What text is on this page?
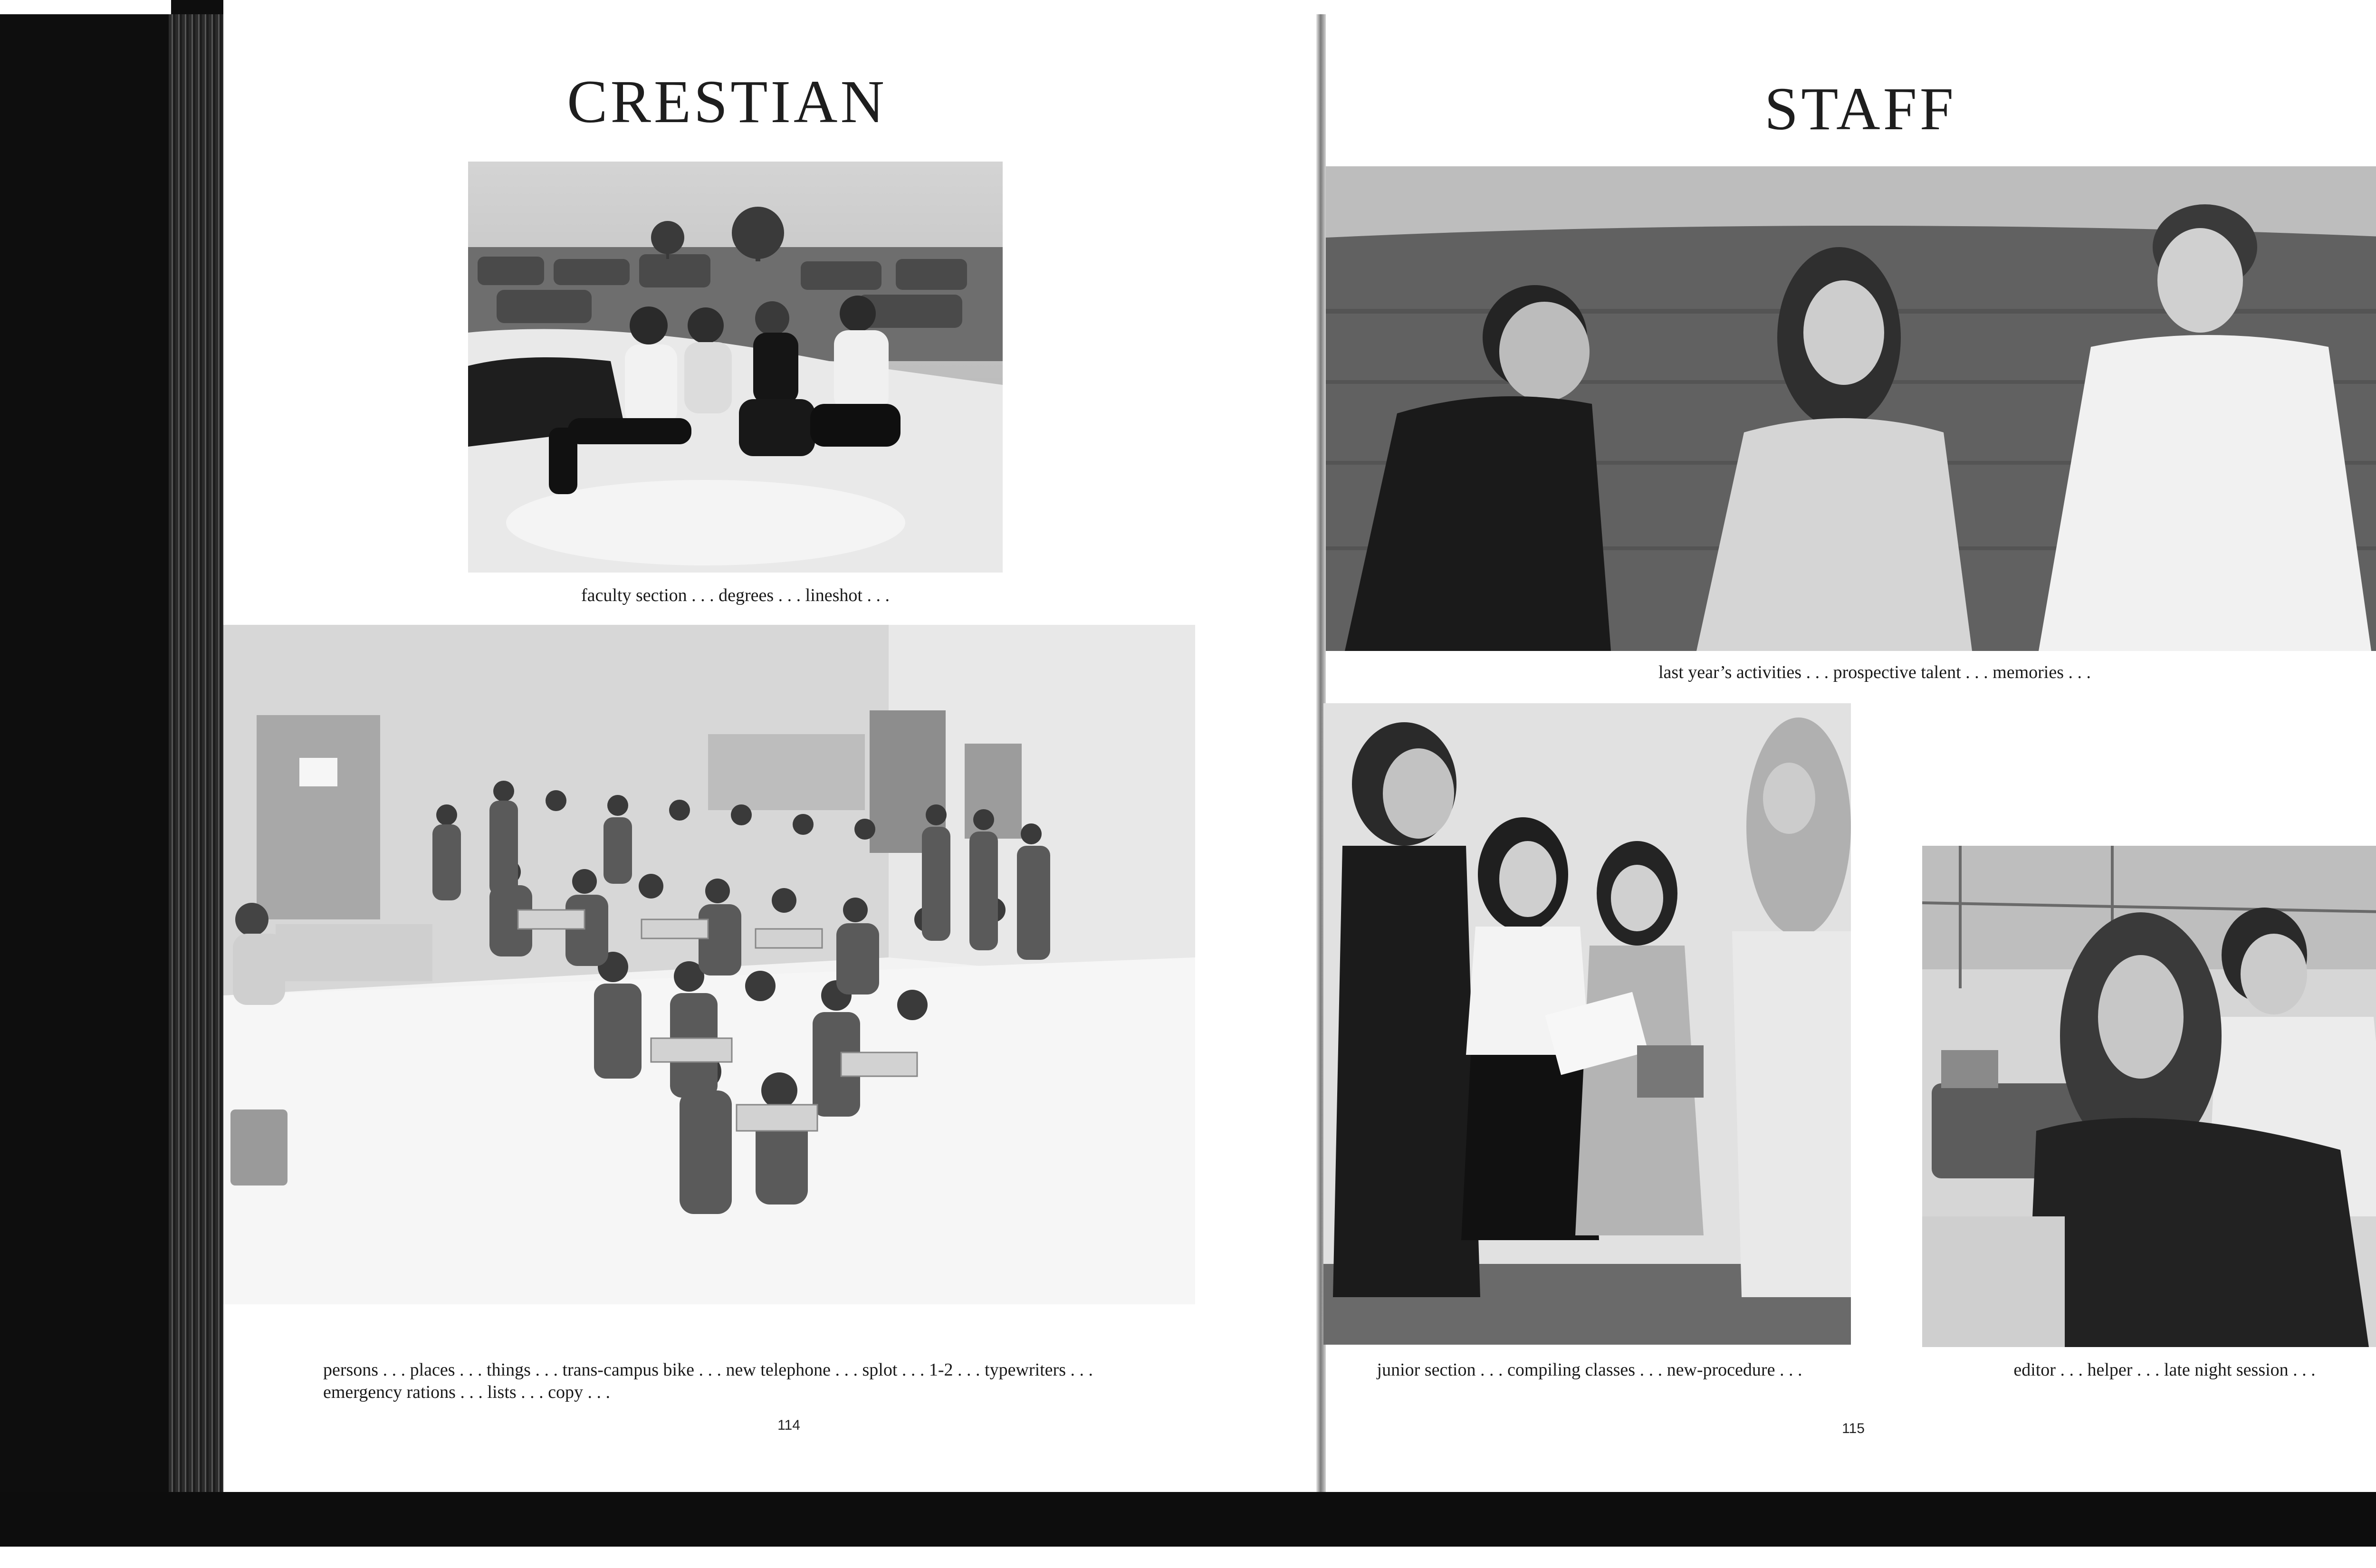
CRESTIAN
faculty section . . . degrees . . . lineshot . . .
persons . . . places . . . things . . . trans-campus bike . . . new telephone . . . splot . . . 1-2 . . . typewriters . . .
emergency rations . . . lists . . . copy . . .
114
STAFF
last year’s activities . . . prospective talent . . . memories . . .
junior section . . . compiling classes . . . new-procedure . . .	editor . . . helper . . . late night session . . .
115
